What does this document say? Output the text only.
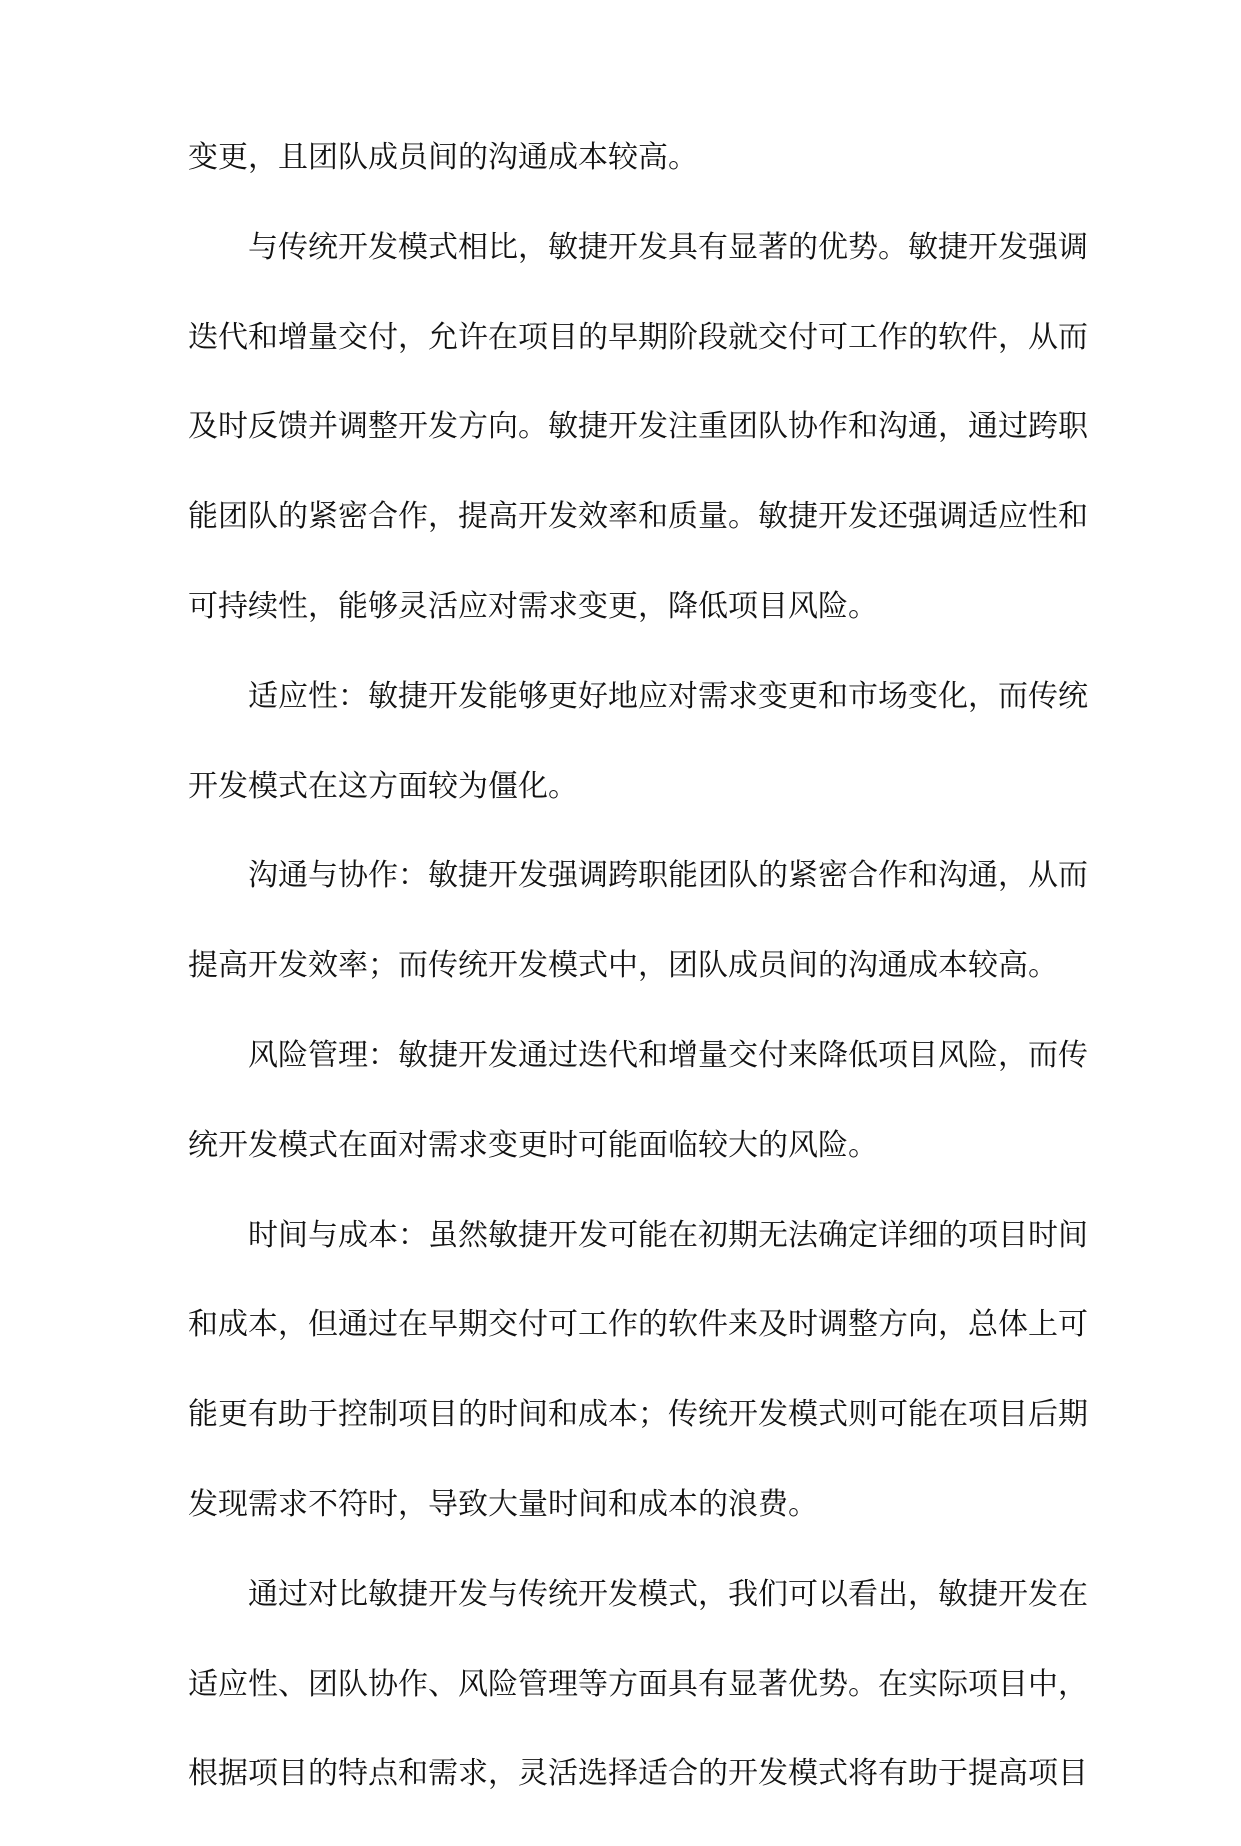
变更，且团队成员间的沟通成本较高。
与传统开发模式相比，敏捷开发具有显著的优势。敏捷开发强调
迭代和增量交付，允许在项目的早期阶段就交付可工作的软件，从而
及时反馈并调整开发方向。敏捷开发注重团队协作和沟通，通过跨职
能团队的紧密合作，提高开发效率和质量。敏捷开发还强调适应性和
可持续性，能够灵活应对需求变更，降低项目风险。
适应性：敏捷开发能够更好地应对需求变更和市场变化，而传统
开发模式在这方面较为僵化。
沟通与协作：敏捷开发强调跨职能团队的紧密合作和沟通，从而
提高开发效率；而传统开发模式中，团队成员间的沟通成本较高。
风险管理：敏捷开发通过迭代和增量交付来降低项目风险，而传
统开发模式在面对需求变更时可能面临较大的风险。
时间与成本：虽然敏捷开发可能在初期无法确定详细的项目时间
和成本，但通过在早期交付可工作的软件来及时调整方向，总体上可
能更有助于控制项目的时间和成本；传统开发模式则可能在项目后期
发现需求不符时，导致大量时间和成本的浪费。
通过对比敏捷开发与传统开发模式，我们可以看出，敏捷开发在
适应性、团队协作、风险管理等方面具有显著优势。在实际项目中，
根据项目的特点和需求，灵活选择适合的开发模式将有助于提高项目
